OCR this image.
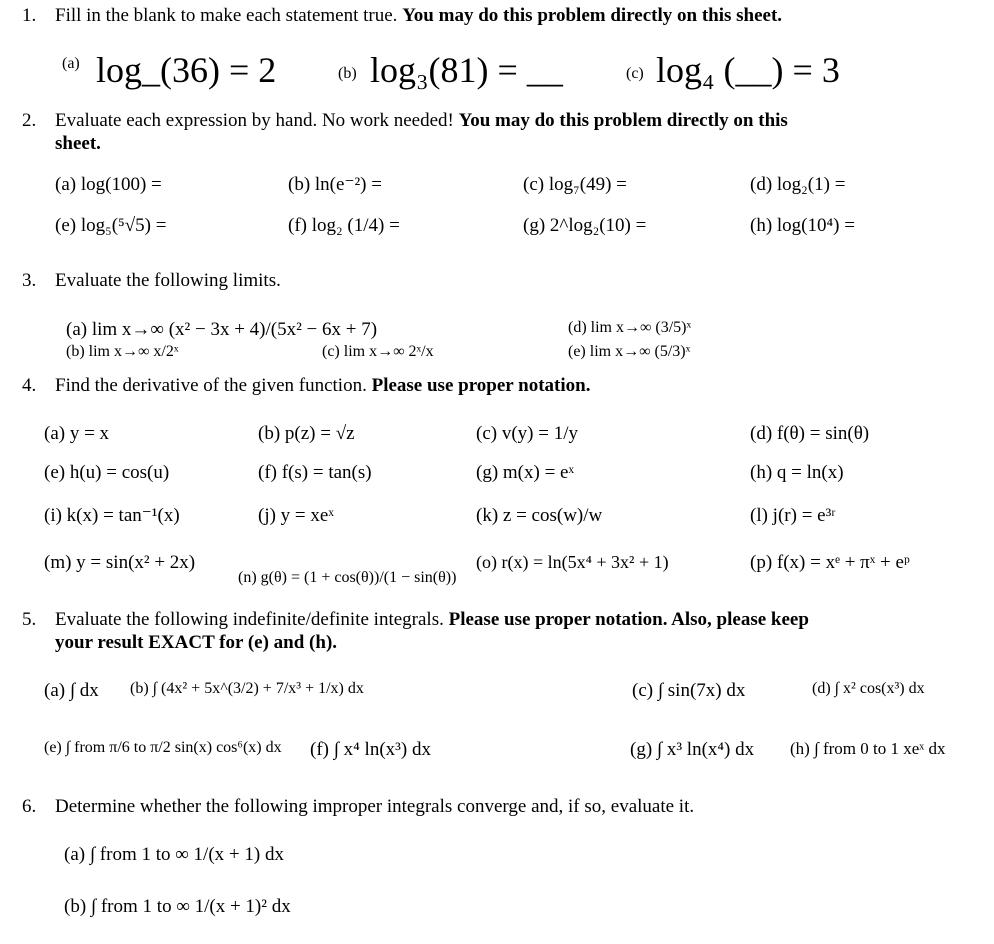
1. Fill in the blank to make each statement true. You may do this problem directly on this sheet.
(a) log_(36) = 2	(b) log₃(81) = __	(c) log₄ (__) = 3
2. Evaluate each expression by hand. No work needed! You may do this problem directly on this
sheet.
(a) log(100) =	(b) ln(e⁻²) =	(c) log₇(49) =	(d) log₂(1) =
(e) log₅(⁵√5) =	(f) log₂ (1/4) =	(g) 2^log₂(10) =	(h) log(10⁴) =
3. Evaluate the following limits.
(a) lim x→∞ (x² − 3x + 4)/(5x² − 6x + 7)
(b) lim x→∞ x/2ˣ	(c) lim x→∞ 2ˣ/x
(d) lim x→∞ (3/5)ˣ
(e) lim x→∞ (5/3)ˣ
4. Find the derivative of the given function. Please use proper notation.
(a) y = x	(b) p(z) = √z	(c) v(y) = 1/y	(d) f(θ) = sin(θ)
(e) h(u) = cos(u)	(f) f(s) = tan(s)	(g) m(x) = eˣ	(h) q = ln(x)
(i) k(x) = tan⁻¹(x)	(j) y = xeˣ	(k) z = cos(w)/w	(l) j(r) = e³ʳ
(m) y = sin(x² + 2x)
(n) g(θ) = (1 + cos(θ))/(1 − sin(θ))
(o) r(x) = ln(5x⁴ + 3x² + 1)	(p) f(x) = xᵉ + πˣ + eᵖ
5. Evaluate the following indefinite/definite integrals. Please use proper notation. Also, please keep
your result EXACT for (e) and (h).
(a) ∫ dx (b) ∫ (4x² + 5x^(3/2) + 7/x³ + 1/x) dx	(c) ∫ sin(7x) dx	(d) ∫ x² cos(x³) dx
(e) ∫ from π/6 to π/2 sin(x) cos⁶(x) dx (f) ∫ x⁴ ln(x³) dx	(g) ∫ x³ ln(x⁴) dx (h) ∫ from 0 to 1 xeˣ dx
6. Determine whether the following improper integrals converge and, if so, evaluate it.
(a) ∫ from 1 to ∞ 1/(x + 1) dx
(b) ∫ from 1 to ∞ 1/(x + 1)² dx
